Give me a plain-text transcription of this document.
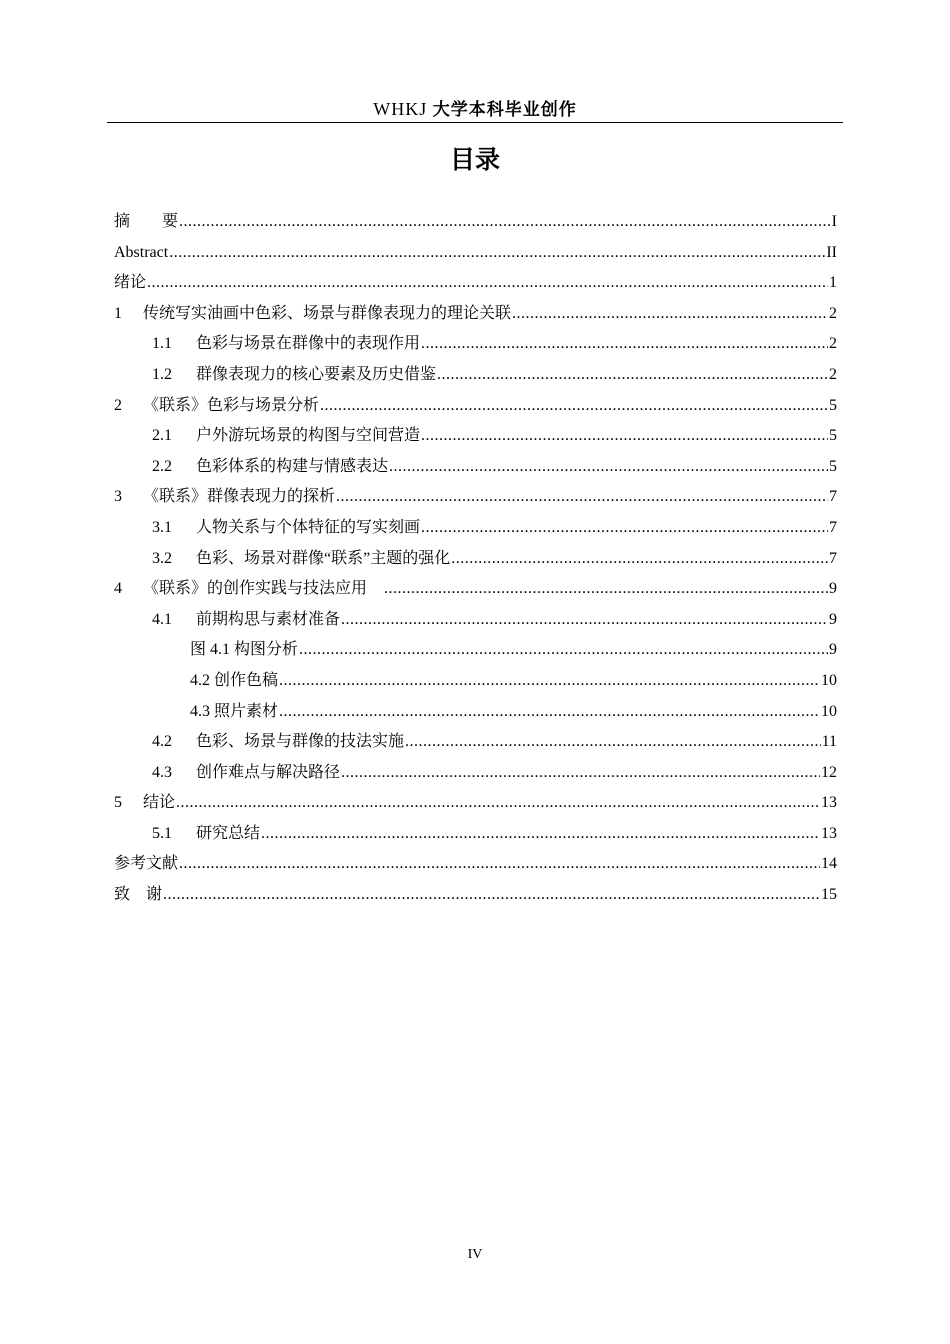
WHKJ 大学本科毕业创作
目录
摘　　要 .....	I
Abstract .....	II
绪论 .....	1
1	传统写实油画中色彩、场景与群像表现力的理论关联 .....	2
1.1	色彩与场景在群像中的表现作用 .....	2
1.2	群像表现力的核心要素及历史借鉴 .....	2
2	《联系》色彩与场景分析 .....	5
2.1	户外游玩场景的构图与空间营造 .....	5
2.2	色彩体系的构建与情感表达 .....	5
3	《联系》群像表现力的探析 .....	7
3.1	人物关系与个体特征的写实刻画 .....	7
3.2	色彩、场景对群像“联系”主题的强化 .....	7
4	《联系》的创作实践与技法应用　 .....	9
4.1	前期构思与素材准备 .....	9
图 4.1 构图分析 .....	9
4.2 创作色稿 .....	10
4.3 照片素材 .....	10
4.2	色彩、场景与群像的技法实施 .....	11
4.3	创作难点与解决路径 .....	12
5	结论 .....	13
5.1	研究总结 .....	13
参考文献 .....	14
致　谢 .....	15
IV
